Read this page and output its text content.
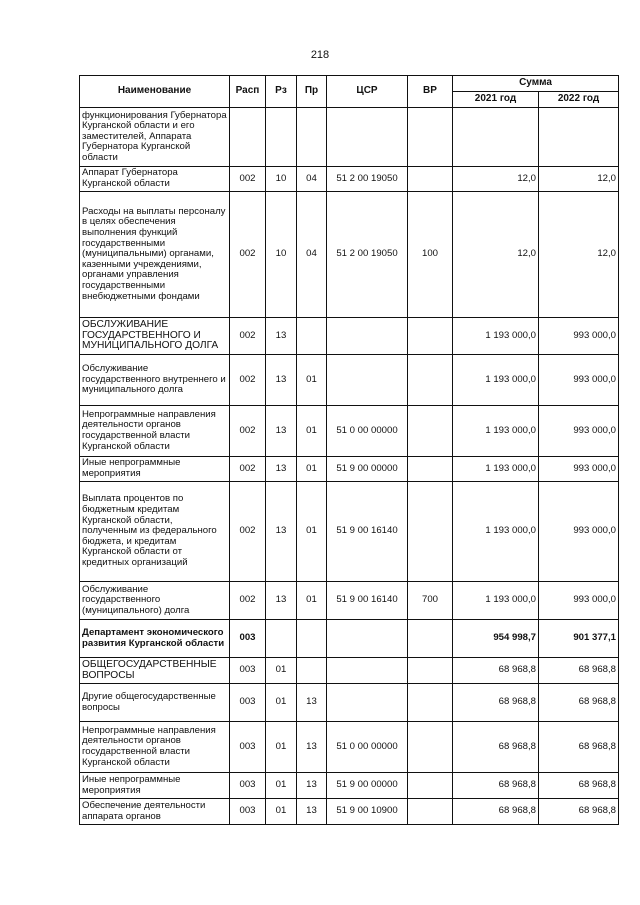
218
Наименование	Расп	Рз	Пр	ЦСР	ВР	Сумма	
						2021 год	2022 год
функционирования Губернатора Курганской области и его заместителей, Аппарата Губернатора Курганской области							
Аппарат Губернатора Курганской области	002	10	04	51 2 00 19050		12,0	12,0
Расходы на выплаты персоналу в целях обеспечения выполнения функций государственными (муниципальными) органами, казенными учреждениями, органами управления государственными внебюджетными фондами	002	10	04	51 2 00 19050	100	12,0	12,0
ОБСЛУЖИВАНИЕ ГОСУДАРСТВЕННОГО И МУНИЦИПАЛЬНОГО ДОЛГА	002	13				1 193 000,0	993 000,0
Обслуживание государственного внутреннего и муниципального долга	002	13	01			1 193 000,0	993 000,0
Непрограммные направления деятельности органов государственной власти Курганской области	002	13	01	51 0 00 00000		1 193 000,0	993 000,0
Иные непрограммные мероприятия	002	13	01	51 9 00 00000		1 193 000,0	993 000,0
Выплата процентов по бюджетным кредитам Курганской области, полученным из федерального бюджета, и кредитам Курганской области от кредитных организаций	002	13	01	51 9 00 16140		1 193 000,0	993 000,0
Обслуживание государственного (муниципального) долга	002	13	01	51 9 00 16140	700	1 193 000,0	993 000,0
Департамент экономического развития Курганской области	003					954 998,7	901 377,1
ОБЩЕГОСУДАРСТВЕННЫЕ ВОПРОСЫ	003	01				68 968,8	68 968,8
Другие общегосударственные вопросы	003	01	13			68 968,8	68 968,8
Непрограммные направления деятельности органов государственной власти Курганской области	003	01	13	51 0 00 00000		68 968,8	68 968,8
Иные непрограммные мероприятия	003	01	13	51 9 00 00000		68 968,8	68 968,8
Обеспечение деятельности аппарата органов	003	01	13	51 9 00 10900		68 968,8	68 968,8
